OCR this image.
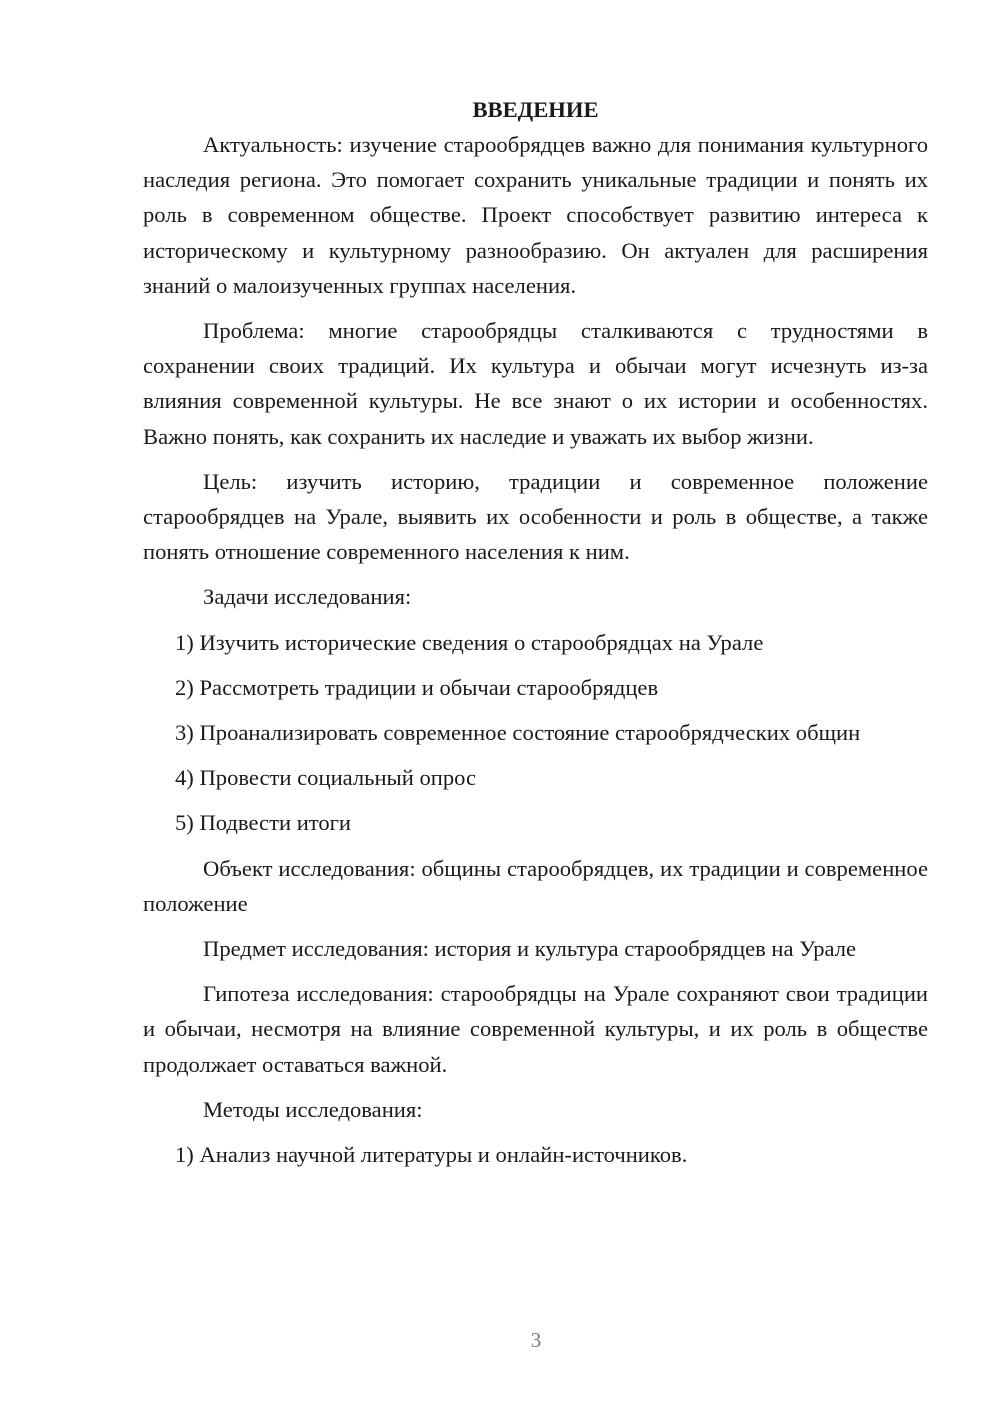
ВВЕДЕНИЕ

Актуальность: изучение старообрядцев важно для понимания культурного наследия региона. Это помогает сохранить уникальные традиции и понять их роль в современном обществе. Проект способствует развитию интереса к историческому и культурному разнообразию. Он актуален для расширения знаний о малоизученных группах населения.

Проблема: многие старообрядцы сталкиваются с трудностями в сохранении своих традиций. Их культура и обычаи могут исчезнуть из-за влияния современной культуры. Не все знают о их истории и особенностях. Важно понять, как сохранить их наследие и уважать их выбор жизни.

Цель: изучить историю, традиции и современное положение старообрядцев на Урале, выявить их особенности и роль в обществе, а также понять отношение современного населения к ним.

Задачи исследования:

1) Изучить исторические сведения о старообрядцах на Урале

2) Рассмотреть традиции и обычаи старообрядцев

3) Проанализировать современное состояние старообрядческих общин

4) Провести социальный опрос

5) Подвести итоги

Объект исследования: общины старообрядцев, их традиции и современное положение

Предмет исследования: история и культура старообрядцев на Урале

Гипотеза исследования: старообрядцы на Урале сохраняют свои традиции и обычаи, несмотря на влияние современной культуры, и их роль в обществе продолжает оставаться важной.

Методы исследования:

1) Анализ научной литературы и онлайн-источников.

3
